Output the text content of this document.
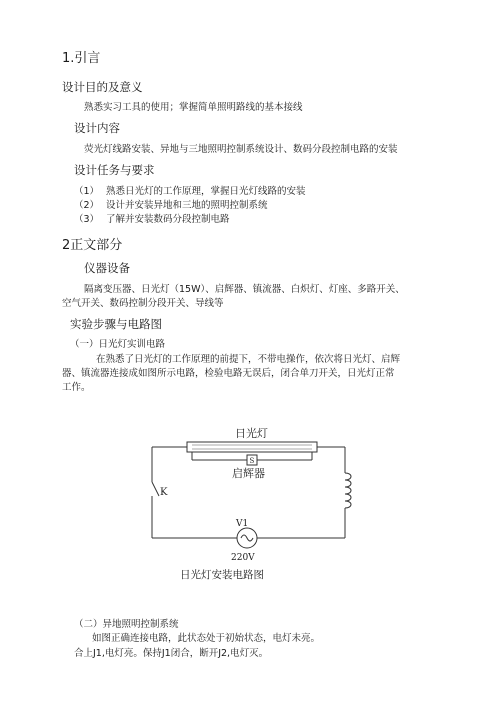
1.引言
设计目的及意义
熟悉实习工具的使用；掌握简单照明路线的基本接线
设计内容
荧光灯线路安装、异地与三地照明控制系统设计、数码分段控制电路的安装
设计任务与要求
（1） 熟悉日光灯的工作原理，掌握日光灯线路的安装
（2） 设计并安装异地和三地的照明控制系统
（3） 了解并安装数码分段控制电路
2正文部分
仪器设备
隔离变压器、日光灯（15W）、启辉器、镇流器、白炽灯、灯座、多路开关、
空气开关、数码控制分段开关、导线等
实验步骤与电路图
（一）日光灯实训电路
在熟悉了日光灯的工作原理的前提下，不带电操作，依次将日光灯、启辉
器、镇流器连接成如图所示电路，检验电路无误后，闭合单刀开关，日光灯正常
工作。
日光灯
S
启辉器
K
V1
220V
日光灯安装电路图
（二）异地照明控制系统
如图正确连接电路，此状态处于初始状态，电灯未亮。
合上J1,电灯亮。保持J1闭合，断开J2,电灯灭。
